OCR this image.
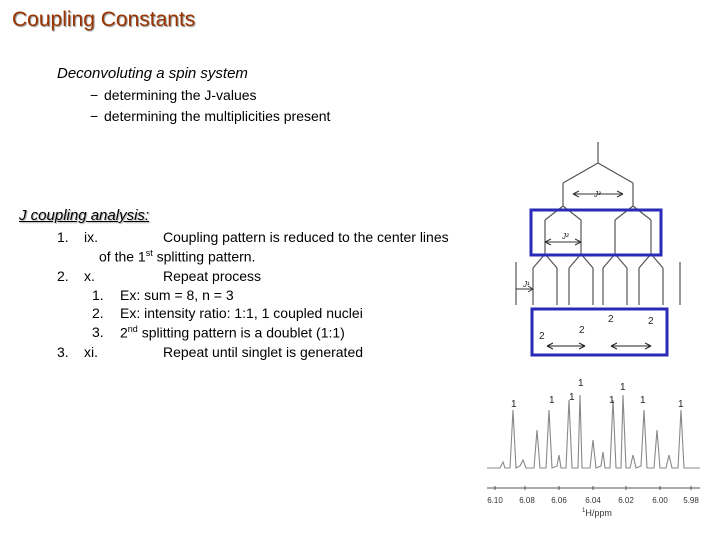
Coupling Constants
Deconvoluting a spin system
− determining the J-values
− determining the multiplicities present
J coupling analysis:
1. ix.	Coupling pattern is reduced to the center lines
of the 1st splitting pattern.
2. x.	Repeat process
1. Ex: sum = 8, n = 3
2. Ex: intensity ratio: 1:1, 1 coupled nuclei
3. 2nd splitting pattern is a doublet (1:1)
3. xi.	Repeat until singlet is generated
J³
J²
J¹
2
2
2	2
1	1 1
1
1
1
1	1
6.10 6.08 6.06 6.04 6.02 6.00 5.98
$^1$H/ppm
